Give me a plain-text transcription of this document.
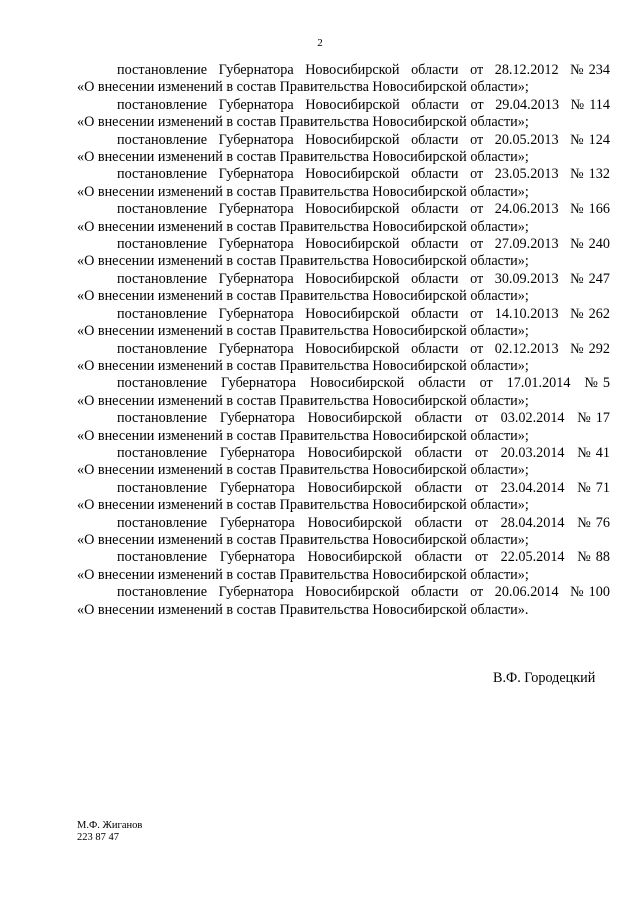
2
постановление Губернатора Новосибирской области от 28.12.2012 № 234
«О внесении изменений в состав Правительства Новосибирской области»;
постановление Губернатора Новосибирской области от 29.04.2013 № 114
«О внесении изменений в состав Правительства Новосибирской области»;
постановление Губернатора Новосибирской области от 20.05.2013 № 124
«О внесении изменений в состав Правительства Новосибирской области»;
постановление Губернатора Новосибирской области от 23.05.2013 № 132
«О внесении изменений в состав Правительства Новосибирской области»;
постановление Губернатора Новосибирской области от 24.06.2013 № 166
«О внесении изменений в состав Правительства Новосибирской области»;
постановление Губернатора Новосибирской области от 27.09.2013 № 240
«О внесении изменений в состав Правительства Новосибирской области»;
постановление Губернатора Новосибирской области от 30.09.2013 № 247
«О внесении изменений в состав Правительства Новосибирской области»;
постановление Губернатора Новосибирской области от 14.10.2013 № 262
«О внесении изменений в состав Правительства Новосибирской области»;
постановление Губернатора Новосибирской области от 02.12.2013 № 292
«О внесении изменений в состав Правительства Новосибирской области»;
постановление Губернатора Новосибирской области от 17.01.2014 № 5
«О внесении изменений в состав Правительства Новосибирской области»;
постановление Губернатора Новосибирской области от 03.02.2014 № 17
«О внесении изменений в состав Правительства Новосибирской области»;
постановление Губернатора Новосибирской области от 20.03.2014 № 41
«О внесении изменений в состав Правительства Новосибирской области»;
постановление Губернатора Новосибирской области от 23.04.2014 № 71
«О внесении изменений в состав Правительства Новосибирской области»;
постановление Губернатора Новосибирской области от 28.04.2014 № 76
«О внесении изменений в состав Правительства Новосибирской области»;
постановление Губернатора Новосибирской области от 22.05.2014 № 88
«О внесении изменений в состав Правительства Новосибирской области»;
постановление Губернатора Новосибирской области от 20.06.2014 № 100
«О внесении изменений в состав Правительства Новосибирской области».
В.Ф. Городецкий
М.Ф. Жиганов
223 87 47
